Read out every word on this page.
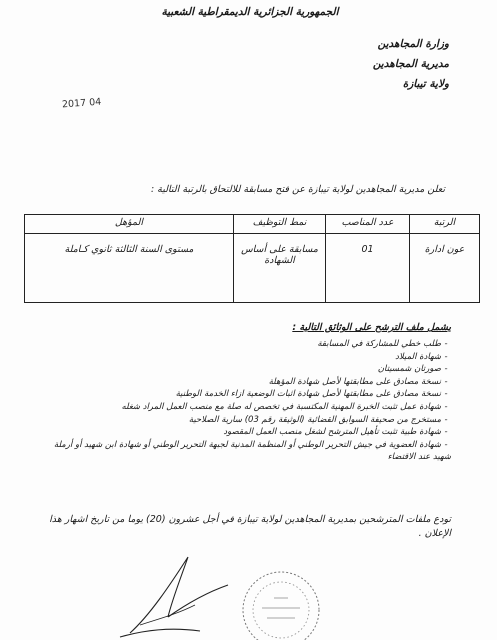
الجمهورية الجزائرية الديمقراطية الشعبية
وزارة المجاهدين
مديرية المجاهدين
ولاية تيبازة
2017 04
تعلن مديرية المجاهدين لولاية تيبازة عن فتح مسابقة للالتحاق بالرتبة التالية :
الرتبة	عدد المناصب	نمط التوظيف	المؤهل
عون ادارة	01	مسابقة على أساس الشهادة	مستوى السنة الثالثة ثانوي كـاملة
يشمل ملف الترشح على الوثائق التالية :
-طلب خطي للمشاركة في المسابقة
-شهادة الميلاد
-صورتان شمسيتان
-نسخة مصادق على مطابقتها لأصل شهادة المؤهلة
-نسخة مصادق على مطابقتها لأصل شهادة اثبات الوضعية ازاء الخدمة الوطنية
-شهادة عمل تثبت الخبرة المهنية المكتسبة في تخصص له صلة مع منصب العمل المراد شغله
-مستخرج من صحيفة السوابق القضائية (الوثيقة رقم 03) سارية الصلاحية
-شهادة طبية تثبت تأهيل المترشح لشغل منصب العمل المقصود
-شهادة العضوية في جيش التحرير الوطني أو المنظمة المدنية لجبهة التحرير الوطني أو شهادة ابن شهيد أو أرملة شهيد عند الاقتضاء
تودع ملفات المترشحين بمديرية المجاهدين لولاية تيبازة في أجل عشرون (20) يوما من تاريخ اشهار هذا الإعلان .
